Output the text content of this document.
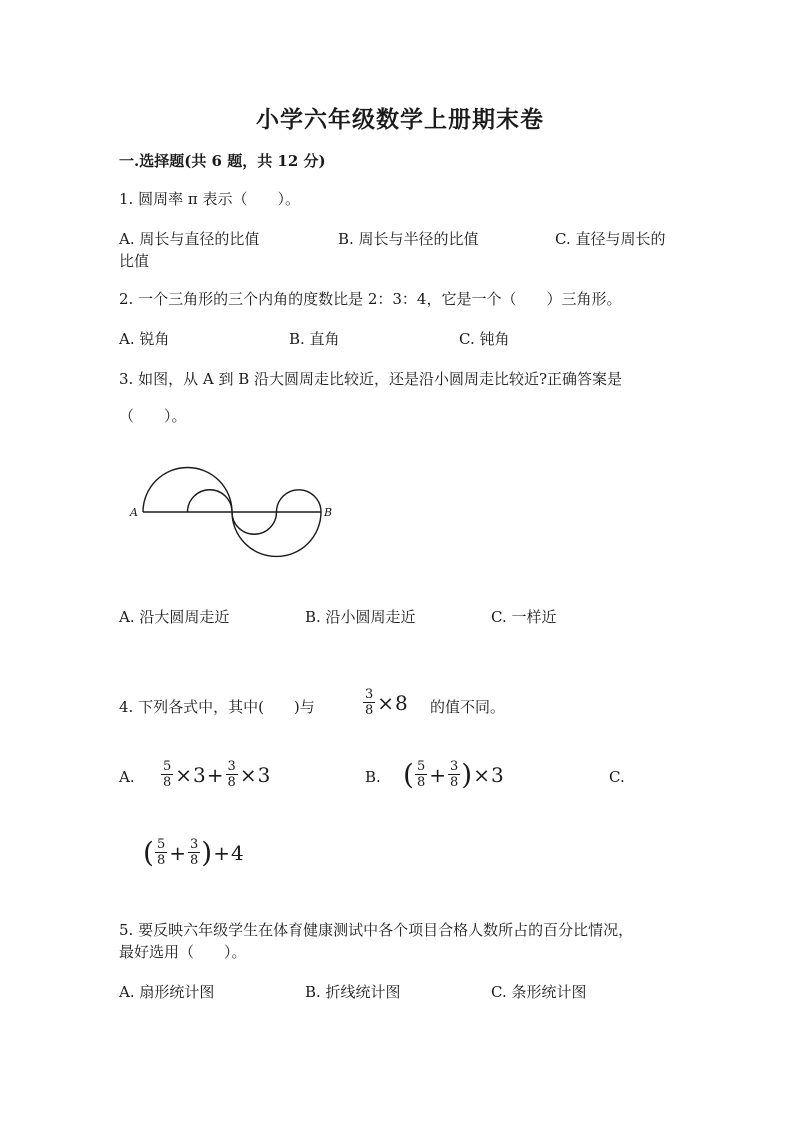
小学六年级数学上册期末卷
一.选择题(共 6 题，共 12 分)
1. 圆周率 π 表示（　　）。
A. 周长与直径的比值	B. 周长与半径的比值	C. 直径与周长的
比值
2. 一个三角形的三个内角的度数比是 2：3：4，它是一个（　　）三角形。
A. 锐角	B. 直角	C. 钝角
3. 如图，从 A 到 B 沿大圆周走比较近，还是沿小圆周走比较近?正确答案是
（　　）。
A	B
A. 沿大圆周走近	B. 沿小圆周走近	C. 一样近
4. 下列各式中，其中(　　)与	$\frac{3}{8} \times 8$ 的值不同。
A. $\frac{5}{8} \times 3 + \frac{3}{8} \times 3$	B. ( $\frac{5}{8} + \frac{3}{8}$ ) × 3	C.
( $\frac{5}{8} + \frac{3}{8}$ ) + 4
5. 要反映六年级学生在体育健康测试中各个项目合格人数所占的百分比情况，
最好选用（　　）。
A. 扇形统计图	B. 折线统计图	C. 条形统计图
